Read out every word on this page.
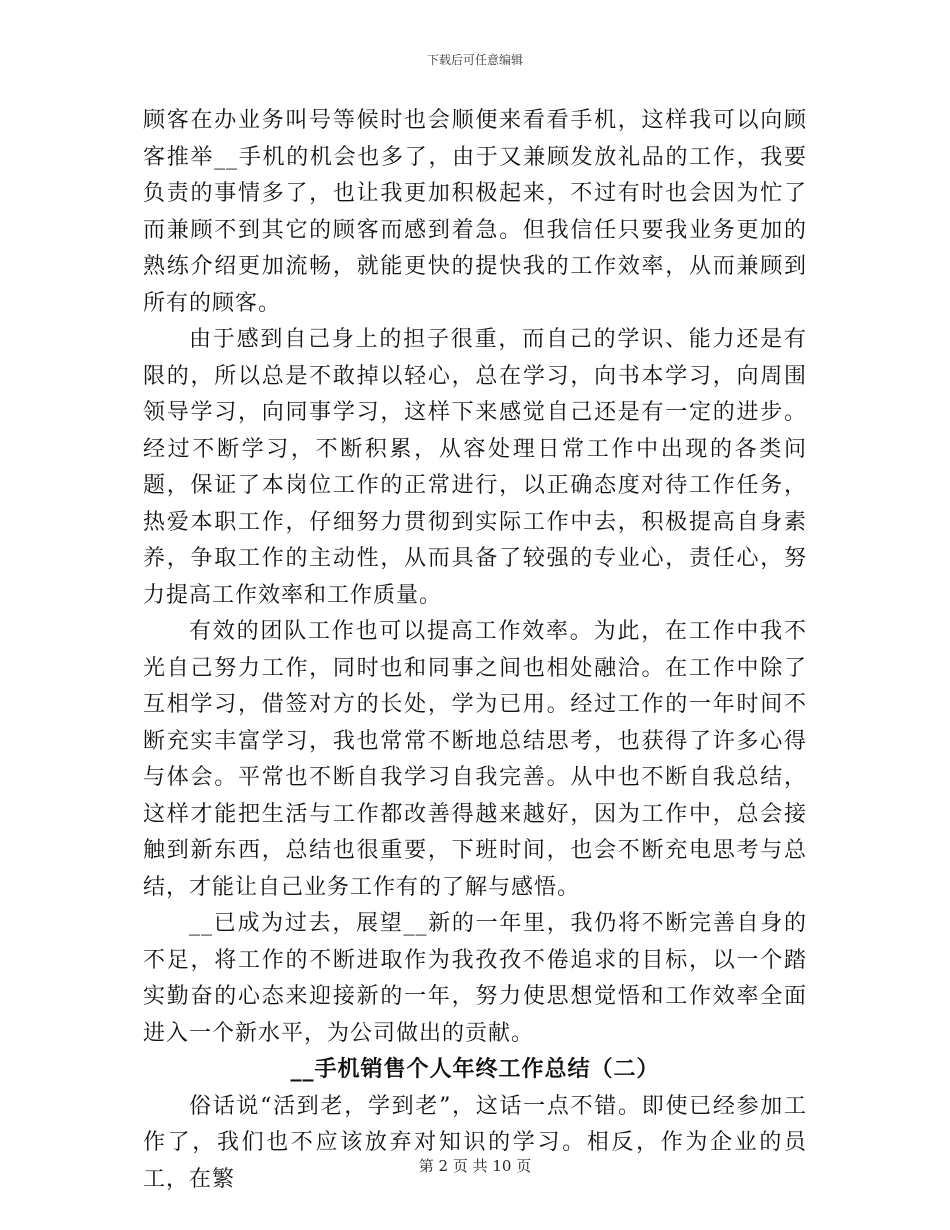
下载后可任意编辑

顾客在办业务叫号等候时也会顺便来看看手机，这样我可以向顾客推举__手机的机会也多了，由于又兼顾发放礼品的工作，我要负责的事情多了，也让我更加积极起来，不过有时也会因为忙了而兼顾不到其它的顾客而感到着急。但我信任只要我业务更加的熟练介绍更加流畅，就能更快的提快我的工作效率，从而兼顾到所有的顾客。

由于感到自己身上的担子很重，而自己的学识、能力还是有限的，所以总是不敢掉以轻心，总在学习，向书本学习，向周围领导学习，向同事学习，这样下来感觉自己还是有一定的进步。经过不断学习，不断积累，从容处理日常工作中出现的各类问题，保证了本岗位工作的正常进行，以正确态度对待工作任务，热爱本职工作，仔细努力贯彻到实际工作中去，积极提高自身素养，争取工作的主动性，从而具备了较强的专业心，责任心，努力提高工作效率和工作质量。

有效的团队工作也可以提高工作效率。为此，在工作中我不光自己努力工作，同时也和同事之间也相处融洽。在工作中除了互相学习，借签对方的长处，学为已用。经过工作的一年时间不断充实丰富学习，我也常常不断地总结思考，也获得了许多心得与体会。平常也不断自我学习自我完善。从中也不断自我总结，这样才能把生活与工作都改善得越来越好，因为工作中，总会接触到新东西，总结也很重要，下班时间，也会不断充电思考与总结，才能让自己业务工作有的了解与感悟。

__已成为过去，展望__新的一年里，我仍将不断完善自身的不足，将工作的不断进取作为我孜孜不倦追求的目标，以一个踏实勤奋的心态来迎接新的一年，努力使思想觉悟和工作效率全面进入一个新水平，为公司做出的贡献。

__手机销售个人年终工作总结（二）

俗话说“活到老，学到老”，这话一点不错。即使已经参加工作了，我们也不应该放弃对知识的学习。相反，作为企业的员工，在繁

第 2 页 共 10 页
